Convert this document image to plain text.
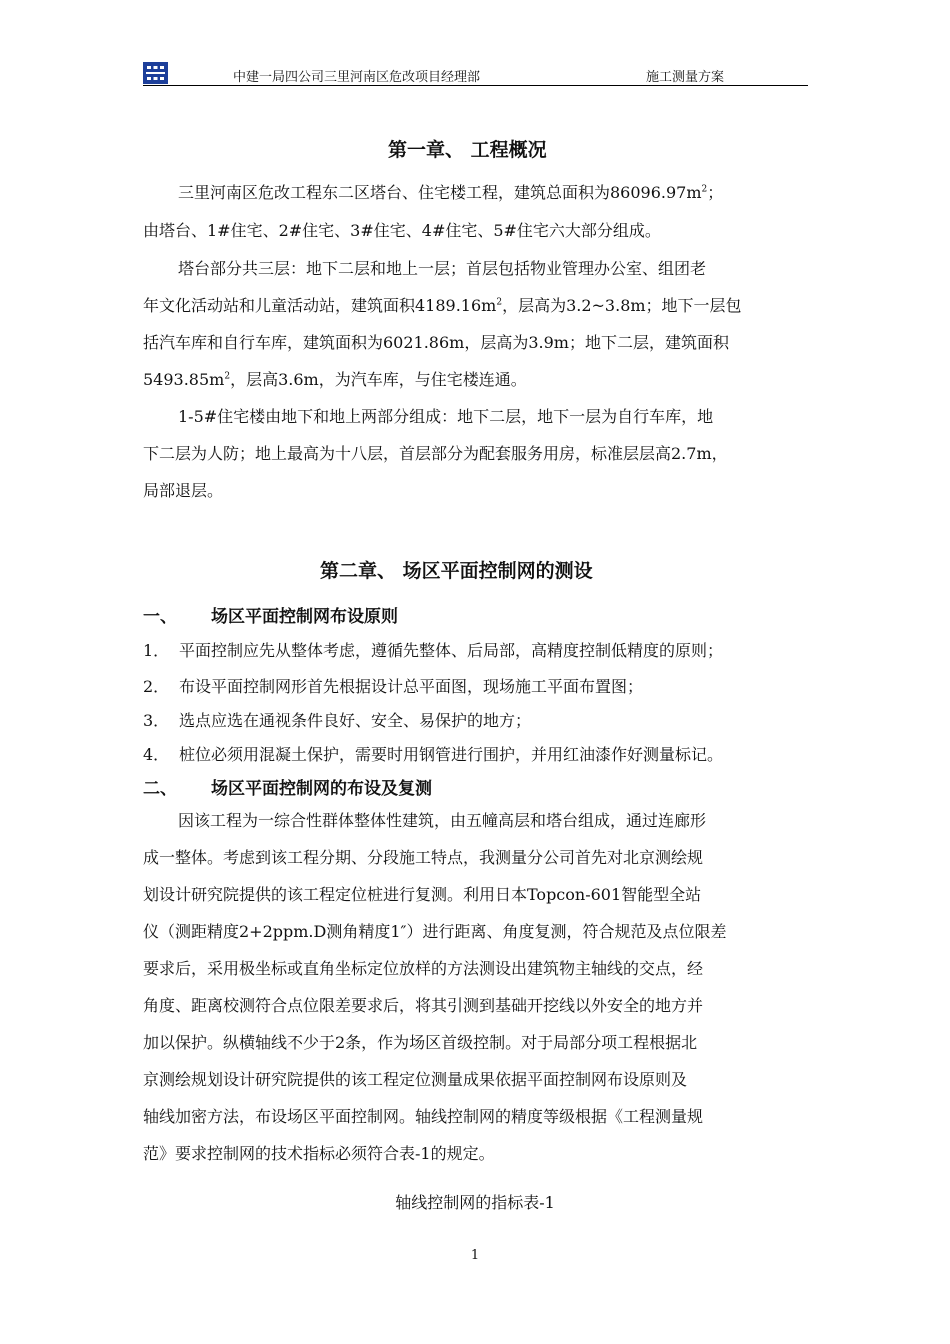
中建一局四公司三里河南区危改项目经理部	施工测量方案
第一章、 工程概况
三里河南区危改工程东二区塔台、住宅楼工程，建筑总面积为$86096.97m^2$；
由塔台、1#住宅、2#住宅、3#住宅、4#住宅、5#住宅六大部分组成。
塔台部分共三层：地下二层和地上一层；首层包括物业管理办公室、组团老
年文化活动站和儿童活动站，建筑面积$4189.16m^2$，层高为3.2~3.8m；地下一层包
括汽车库和自行车库，建筑面积为6021.86m，层高为3.9m；地下二层，建筑面积
$5493.85m^2$，层高3.6m，为汽车库，与住宅楼连通。
1-5#住宅楼由地下和地上两部分组成：地下二层，地下一层为自行车库，地
下二层为人防；地上最高为十八层，首层部分为配套服务用房，标准层层高2.7m，
局部退层。
第二章、 场区平面控制网的测设
一、 场区平面控制网布设原则
1． 平面控制应先从整体考虑，遵循先整体、后局部，高精度控制低精度的原则；
2． 布设平面控制网形首先根据设计总平面图，现场施工平面布置图；
3． 选点应选在通视条件良好、安全、易保护的地方；
4． 桩位必须用混凝土保护，需要时用钢管进行围护，并用红油漆作好测量标记。
二、 场区平面控制网的布设及复测
因该工程为一综合性群体整体性建筑，由五幢高层和塔台组成，通过连廊形
成一整体。考虑到该工程分期、分段施工特点，我测量分公司首先对北京测绘规
划设计研究院提供的该工程定位桩进行复测。利用日本Topcon-601智能型全站
仪（测距精度2+2ppm.D测角精度1″）进行距离、角度复测，符合规范及点位限差
要求后，采用极坐标或直角坐标定位放样的方法测设出建筑物主轴线的交点，经
角度、距离校测符合点位限差要求后，将其引测到基础开挖线以外安全的地方并
加以保护。纵横轴线不少于2条，作为场区首级控制。对于局部分项工程根据北
京测绘规划设计研究院提供的该工程定位测量成果依据平面控制网布设原则及
轴线加密方法，布设场区平面控制网。轴线控制网的精度等级根据《工程测量规
范》要求控制网的技术指标必须符合表-1的规定。
轴线控制网的指标表-1
1
